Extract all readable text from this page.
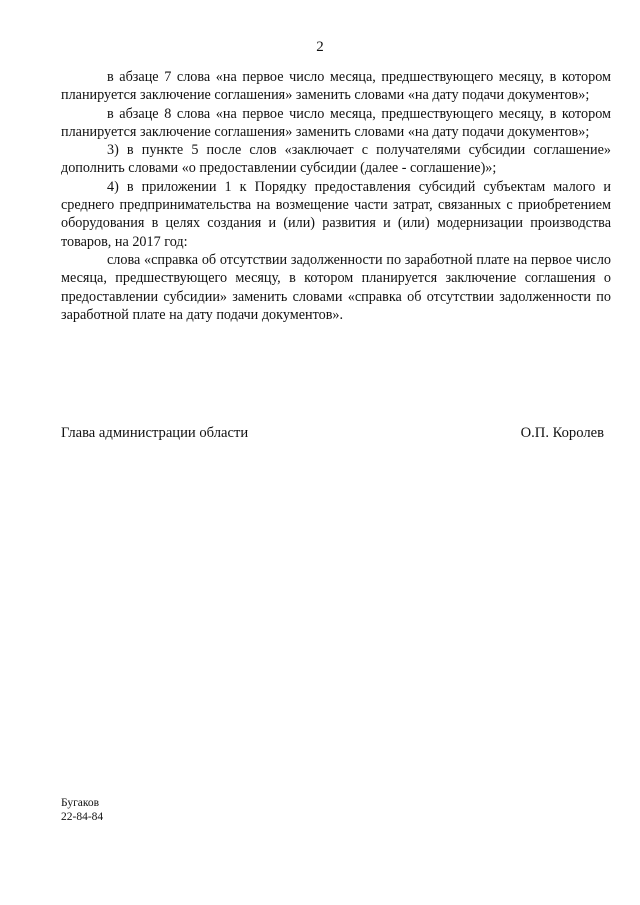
2

в абзаце 7 слова «на первое число месяца, предшествующего месяцу, в котором планируется заключение соглашения» заменить словами «на дату подачи документов»;

в абзаце 8 слова «на первое число месяца, предшествующего месяцу, в котором планируется заключение соглашения» заменить словами «на дату подачи документов»;

3) в пункте 5 после слов «заключает с получателями субсидии соглашение» дополнить словами «о предоставлении субсидии (далее - соглашение)»;

4) в приложении 1 к Порядку предоставления субсидий субъектам малого и среднего предпринимательства на возмещение части затрат, связанных с приобретением оборудования в целях создания и (или) развития и (или) модернизации производства товаров, на 2017 год:

слова «справка об отсутствии задолженности по заработной плате на первое число месяца, предшествующего месяцу, в котором планируется заключение соглашения о предоставлении субсидии» заменить словами «справка об отсутствии задолженности по заработной плате на дату подачи документов».

Глава администрации области	О.П. Королев
Бугаков
22-84-84
